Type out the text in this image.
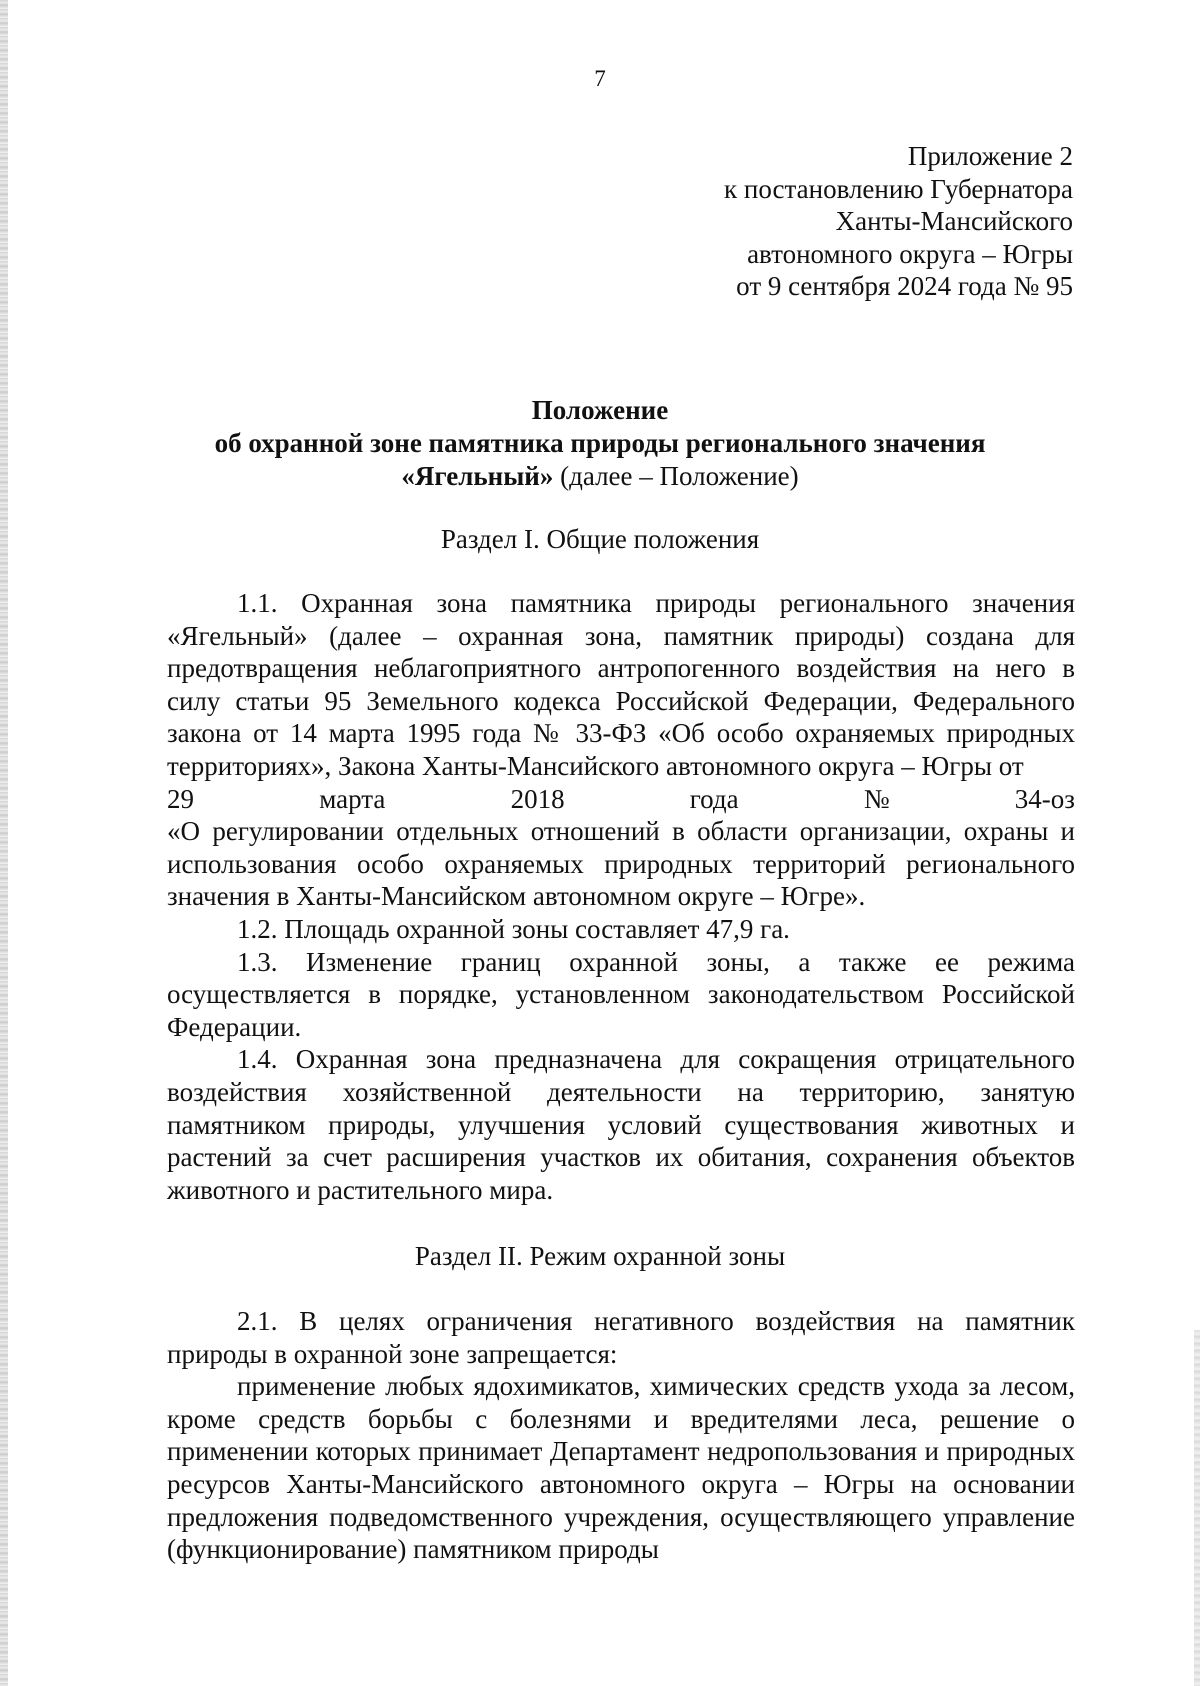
7
Приложение 2
к постановлению Губернатора
Ханты-Мансийского
автономного округа – Югры
от 9 сентября 2024 года № 95
Положение
об охранной зоне памятника природы регионального значения
«Ягельный» (далее – Положение)
Раздел I. Общие положения

1.1. Охранная зона памятника природы регионального значения «Ягельный» (далее – охранная зона, памятник природы) создана для предотвращения неблагоприятного антропогенного воздействия на него в силу статьи 95 Земельного кодекса Российской Федерации, Федерального закона от 14 марта 1995 года № 33-ФЗ «Об особо охраняемых природных территориях», Закона Ханты-Мансийского автономного округа – Югры от

29	марта	2018	года	№	34-оз

«О регулировании отдельных отношений в области организации, охраны и использования особо охраняемых природных территорий регионального значения в Ханты-Мансийском автономном округе – Югре».

1.2. Площадь охранной зоны составляет 47,9 га.

1.3. Изменение границ охранной зоны, а также ее режима осуществляется в порядке, установленном законодательством Российской Федерации.

1.4. Охранная зона предназначена для сокращения отрицательного воздействия хозяйственной деятельности на территорию, занятую памятником природы, улучшения условий существования животных и растений за счет расширения участков их обитания, сохранения объектов животного и растительного мира.

Раздел II. Режим охранной зоны

2.1. В целях ограничения негативного воздействия на памятник природы в охранной зоне запрещается:

применение любых ядохимикатов, химических средств ухода за лесом, кроме средств борьбы с болезнями и вредителями леса, решение о применении которых принимает Департамент недропользования и природных ресурсов Ханты-Мансийского автономного округа – Югры на основании предложения подведомственного учреждения, осуществляющего управление (функционирование) памятником природы
